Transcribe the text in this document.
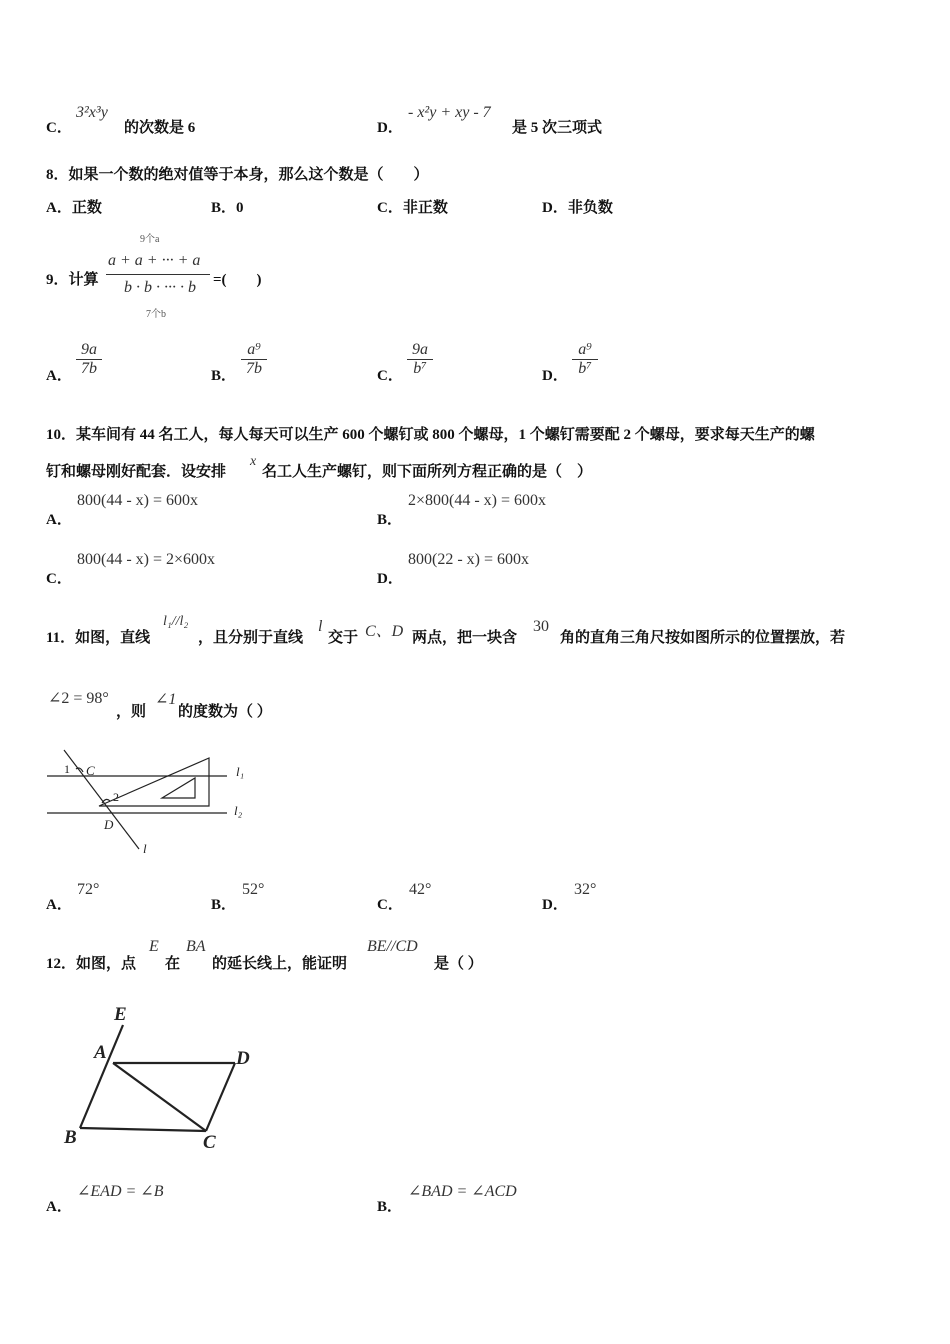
C．
3²x³y
的次数是 6	D．
- x²y + xy - 7
是 5 次三项式
8．如果一个数的绝对值等于本身，那么这个数是（　　）
A．正数	B．0	C．非正数	D．非负数
9．计算
9个a
a + a + ··· + a
b · b · ··· · b
7个b
=(　　)
A． $\frac{9a}{7b}$	B． $\frac{\text{a⁹}}{7b}$	C． $\frac{9a}{\text{b⁷}}$	D． $\frac{\text{a⁹}}{\text{b⁷}}$
10．某车间有 44 名工人，每人每天可以生产 600 个螺钉或 800 个螺母，1 个螺钉需要配 2 个螺母，要求每天生产的螺
钉和螺母刚好配套．设安排
x
名工人生产螺钉，则下面所列方程正确的是（　）
A．
800(44 - x) = 600x
B．
2×800(44 - x) = 600x
C．
800(44 - x) = 2×600x
D．
800(22 - x) = 600x
11．如图，直线
l₁//l₂
，且分别于直线
l
交于 C、D 两点，把一块含
30
角的直角三角尺按如图所示的位置摆放，若
∠2 = 98°
，则
∠1
的度数为（ ）
1 C
2
D
l₁
l₂
l
A．
72°
B．
52°
C．
42°
D．
32°
12．如图，点
E
在
BA
的延长线上，能证明
BE//CD
是（ ）
E
A
B	C
D
A．
∠EAD = ∠B
B．
∠BAD = ∠ACD
